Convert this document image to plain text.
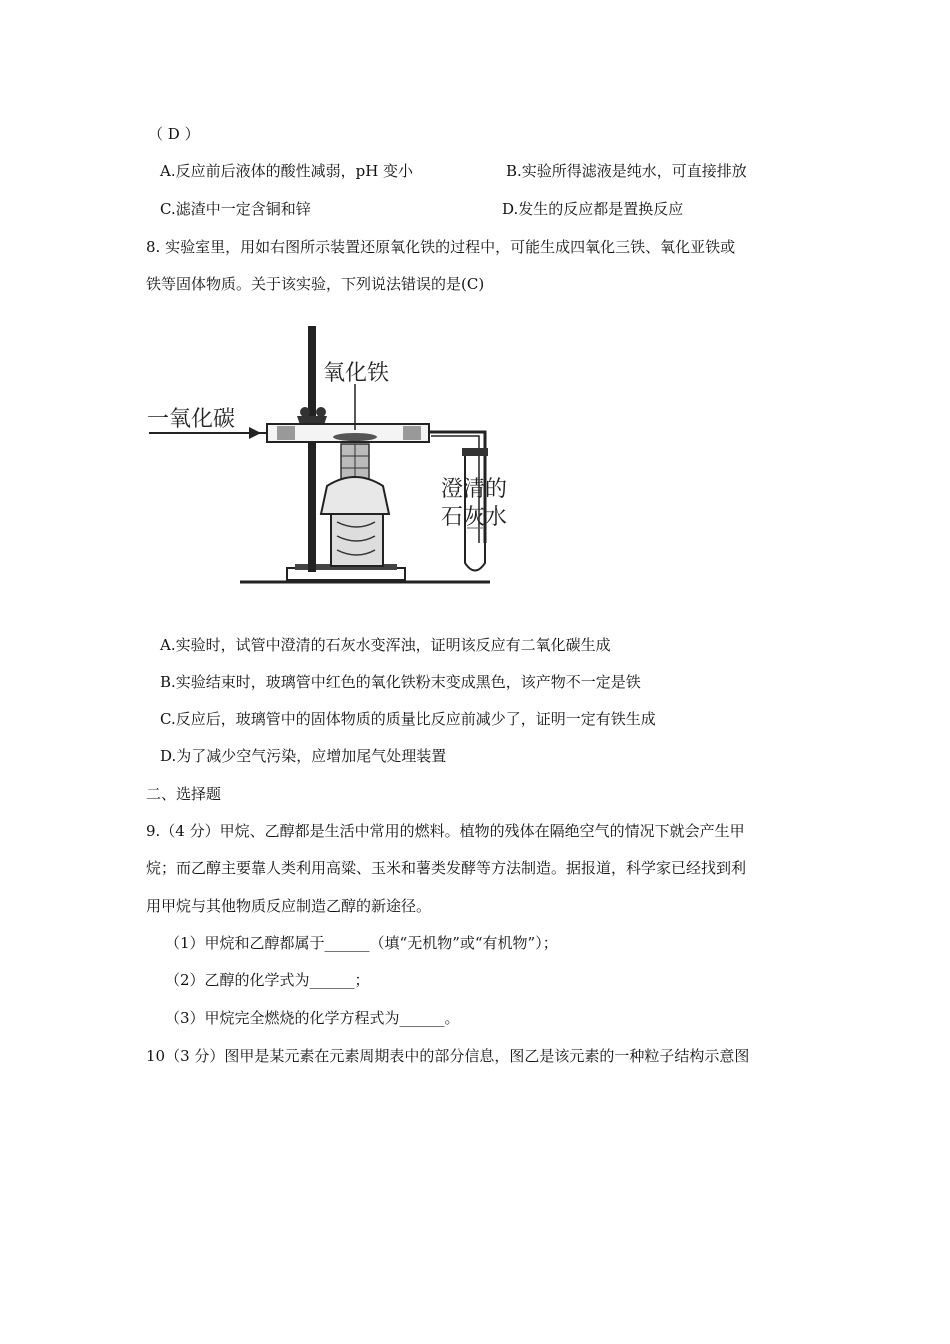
（ D ）
A.反应前后液体的酸性减弱，pH 变小	B.实验所得滤液是纯水，可直接排放
C.滤渣中一定含铜和锌	D.发生的反应都是置换反应
8. 实验室里，用如右图所示装置还原氧化铁的过程中，可能生成四氧化三铁、氧化亚铁或
铁等固体物质。关于该实验，下列说法错误的是(C)
氧化铁
一氧化碳
澄清的
石灰水
A.实验时，试管中澄清的石灰水变浑浊，证明该反应有二氧化碳生成
B.实验结束时，玻璃管中红色的氧化铁粉末变成黑色，该产物不一定是铁
C.反应后，玻璃管中的固体物质的质量比反应前减少了，证明一定有铁生成
D.为了减少空气污染，应增加尾气处理装置
二、选择题
9.（4 分）甲烷、乙醇都是生活中常用的燃料。植物的残体在隔绝空气的情况下就会产生甲
烷；而乙醇主要靠人类利用高粱、玉米和薯类发酵等方法制造。据报道，科学家已经找到利
用甲烷与其他物质反应制造乙醇的新途径。
（1）甲烷和乙醇都属于______（填“无机物”或“有机物”）；
（2）乙醇的化学式为______；
（3）甲烷完全燃烧的化学方程式为______。
10（3 分）图甲是某元素在元素周期表中的部分信息，图乙是该元素的一种粒子结构示意图
